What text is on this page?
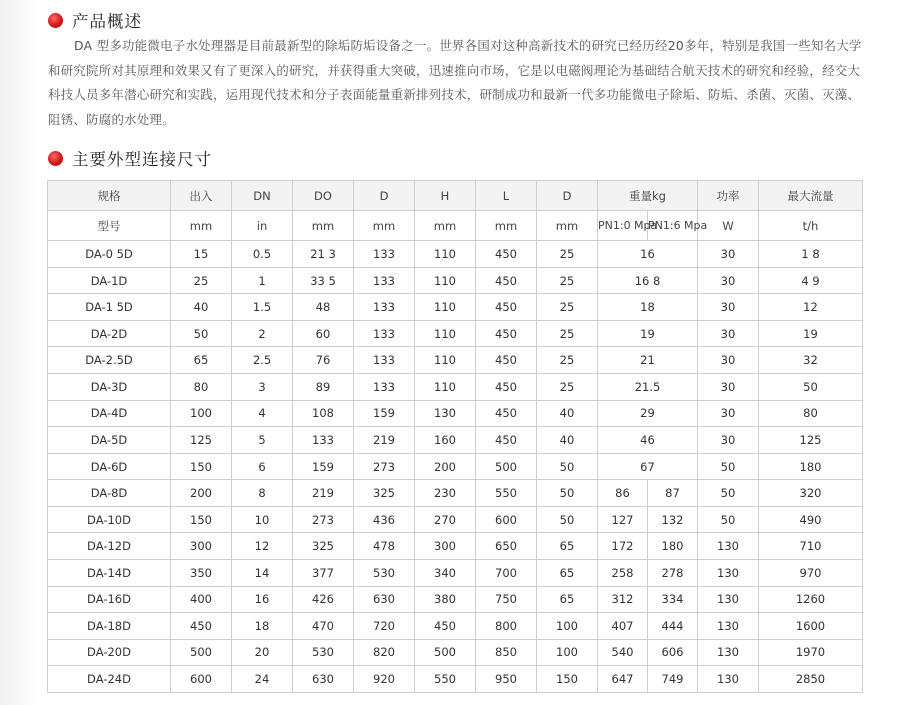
产品概述

DA 型多功能微电子水处理器是目前最新型的除垢防垢设备之一。世界各国对这种高新技术的研究已经历经20多年，特别是我国一些知名大学和研究院所对其原理和效果又有了更深入的研究，并获得重大突破，迅速推向市场，它是以电磁阀理论为基础结合航天技术的研究和经验，经交大科技人员多年潜心研究和实践，运用现代技术和分子表面能量重新排列技术，研制成功和最新一代多功能微电子除垢、防垢、杀菌、灭菌、灭藻、阻锈、防腐的水处理。

主要外型连接尺寸
规格	出入	DN	DO	D	H	L	D	重量kg		功率	最大流量
型号	mm	in	mm	mm	mm	mm	mm	PN1:0 Mpa	PN1:6 Mpa	W	t/h
DA-0 5D	15	0.5	21 3	133	110	450	25	16		30	1 8
DA-1D	25	1	33 5	133	110	450	25	16 8		30	4 9
DA-1 5D	40	1.5	48	133	110	450	25	18		30	12
DA-2D	50	2	60	133	110	450	25	19		30	19
DA-2.5D	65	2.5	76	133	110	450	25	21		30	32
DA-3D	80	3	89	133	110	450	25	21.5		30	50
DA-4D	100	4	108	159	130	450	40	29		30	80
DA-5D	125	5	133	219	160	450	40	46		30	125
DA-6D	150	6	159	273	200	500	50	67		50	180
DA-8D	200	8	219	325	230	550	50	86	87	50	320
DA-10D	150	10	273	436	270	600	50	127	132	50	490
DA-12D	300	12	325	478	300	650	65	172	180	130	710
DA-14D	350	14	377	530	340	700	65	258	278	130	970
DA-16D	400	16	426	630	380	750	65	312	334	130	1260
DA-18D	450	18	470	720	450	800	100	407	444	130	1600
DA-20D	500	20	530	820	500	850	100	540	606	130	1970
DA-24D	600	24	630	920	550	950	150	647	749	130	2850
